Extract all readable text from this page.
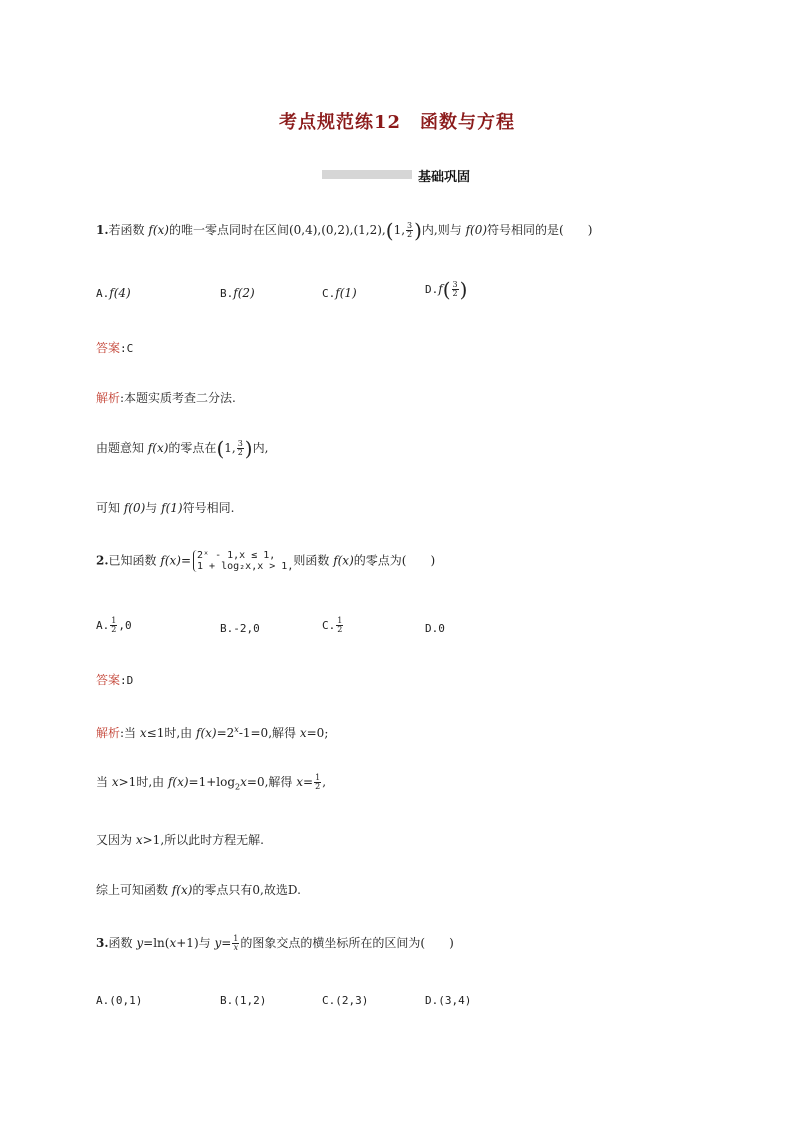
考点规范练12　函数与方程
基础巩固
1.若函数 f(x)的唯一零点同时在区间(0,4),(0,2),(1,2),(1, $\frac{3}{2}$ )内,则与 f(0)符号相同的是(　　)
A.f(4)	B.f(2)	C.f(1)	$D.f( \frac{3}{2}$ )
答案:C
解析:本题实质考查二分法.
由题意知 f(x)的零点在(1, $\frac{3}{2}$ )内,
可知 f(0)与 f(1)符号相同.
2.已知函数 f(x)= 2ˣ - 1,x ≤ 1,
1 + log₂x,x > 1, 则函数 f(x)的零点为(　　)
A. $\frac{1}{2} ,0$	B.-2,0	C. $\frac{1}{2}$	D.0
答案:D
解析:当 x≤1时,由 $f(x)=2^x-1=0$,解得 x=0;
当 x>1时,由 $f(x)=1+\log_2x=0$,解得 $x= \frac{1}{2}$ ,
又因为 x>1,所以此时方程无解.
综上可知函数 f(x)的零点只有0,故选D.
3.函数 y=ln(x+1)与 $y= \frac{1}{x}$ 的图象交点的横坐标所在的区间为(　　)
A.(0,1)	B.(1,2)	C.(2,3)	D.(3,4)
